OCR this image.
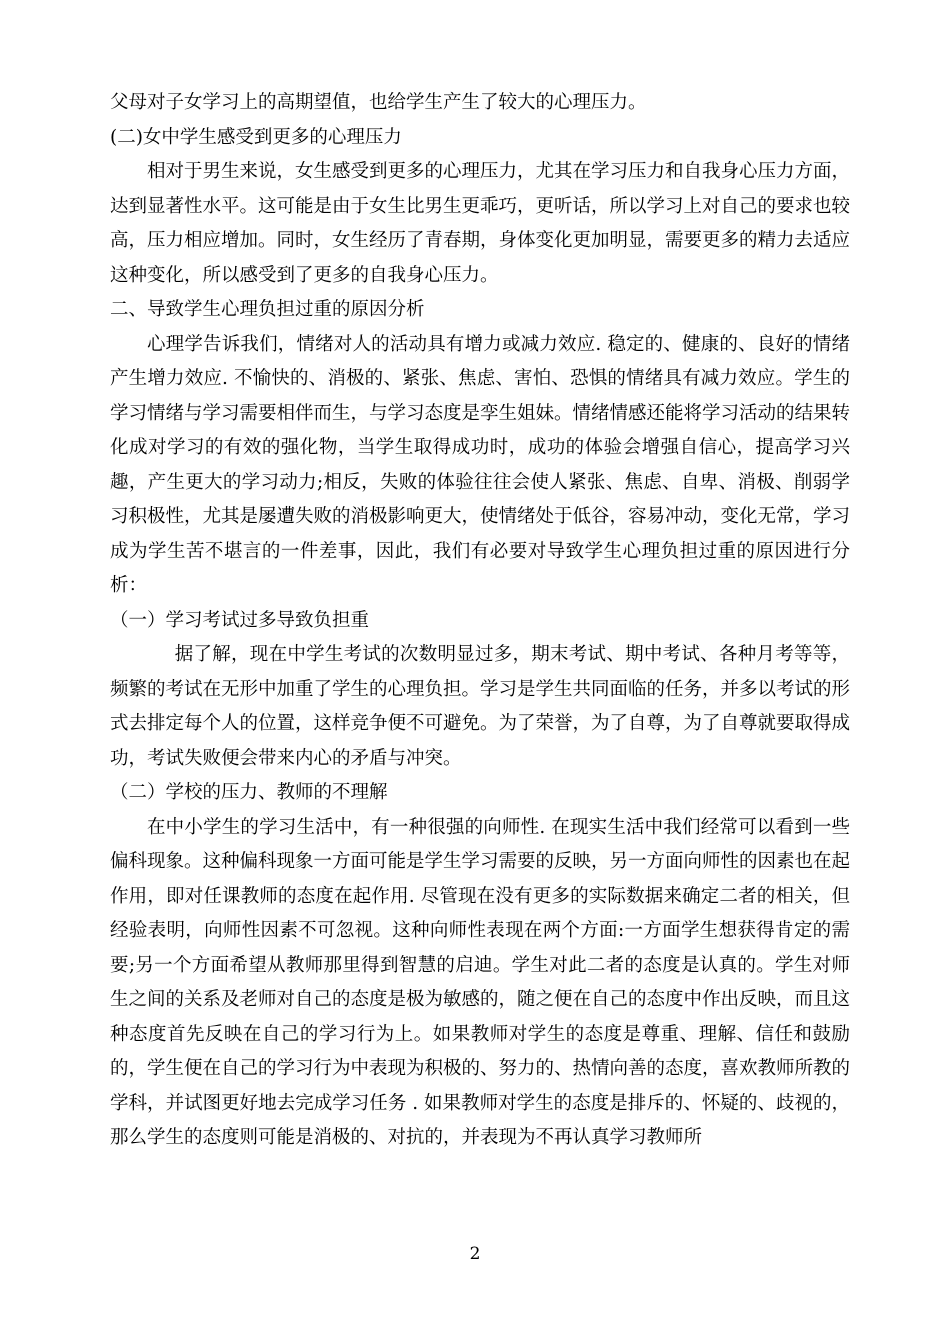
父母对子女学习上的高期望值，也给学生产生了较大的心理压力。

(二)女中学生感受到更多的心理压力

相对于男生来说，女生感受到更多的心理压力，尤其在学习压力和自我身心压力方面，达到显著性水平。这可能是由于女生比男生更乖巧，更听话，所以学习上对自己的要求也较高，压力相应增加。同时，女生经历了青春期，身体变化更加明显，需要更多的精力去适应这种变化，所以感受到了更多的自我身心压力。

二、导致学生心理负担过重的原因分析

心理学告诉我们，情绪对人的活动具有增力或减力效应. 稳定的、健康的、良好的情绪产生增力效应. 不愉快的、消极的、紧张、焦虑、害怕、恐惧的情绪具有减力效应。学生的学习情绪与学习需要相伴而生，与学习态度是孪生姐妹。情绪情感还能将学习活动的结果转化成对学习的有效的强化物，当学生取得成功时，成功的体验会增强自信心，提高学习兴趣，产生更大的学习动力;相反，失败的体验往往会使人紧张、焦虑、自卑、消极、削弱学习积极性，尤其是屡遭失败的消极影响更大，使情绪处于低谷，容易冲动，变化无常，学习成为学生苦不堪言的一件差事，因此，我们有必要对导致学生心理负担过重的原因进行分析：

（一）学习考试过多导致负担重

据了解，现在中学生考试的次数明显过多，期末考试、期中考试、各种月考等等，频繁的考试在无形中加重了学生的心理负担。学习是学生共同面临的任务，并多以考试的形式去排定每个人的位置，这样竞争便不可避免。为了荣誉，为了自尊，为了自尊就要取得成功，考试失败便会带来内心的矛盾与冲突。

（二）学校的压力、教师的不理解

在中小学生的学习生活中，有一种很强的向师性. 在现实生活中我们经常可以看到一些偏科现象。这种偏科现象一方面可能是学生学习需要的反映，另一方面向师性的因素也在起作用，即对任课教师的态度在起作用. 尽管现在没有更多的实际数据来确定二者的相关，但经验表明，向师性因素不可忽视。这种向师性表现在两个方面:一方面学生想获得肯定的需要;另一个方面希望从教师那里得到智慧的启迪。学生对此二者的态度是认真的。学生对师生之间的关系及老师对自己的态度是极为敏感的，随之便在自己的态度中作出反映，而且这种态度首先反映在自己的学习行为上。如果教师对学生的态度是尊重、理解、信任和鼓励的，学生便在自己的学习行为中表现为积极的、努力的、热情向善的态度，喜欢教师所教的学科，并试图更好地去完成学习任务 . 如果教师对学生的态度是排斥的、怀疑的、歧视的，那么学生的态度则可能是消极的、对抗的，并表现为不再认真学习教师所

2
